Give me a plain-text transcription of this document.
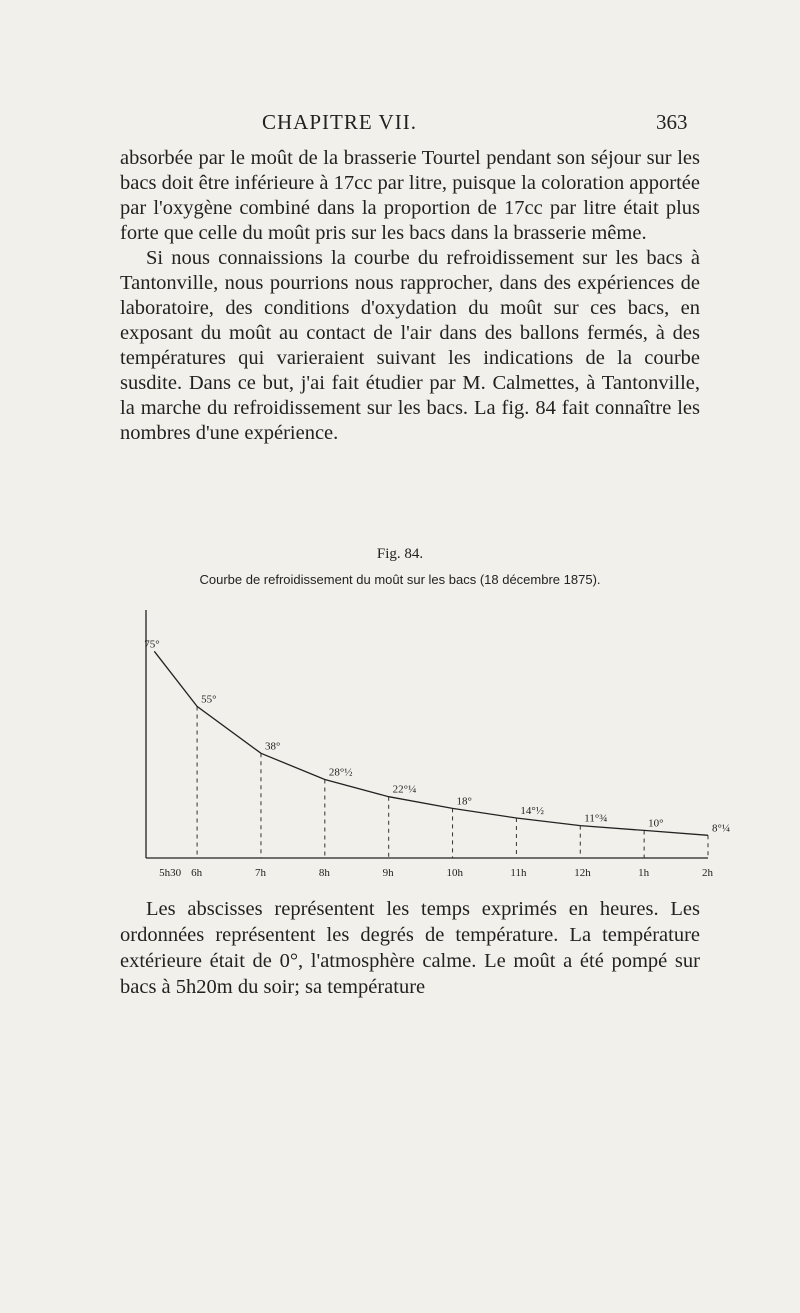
CHAPITRE VII.	363

absorbée par le moût de la brasserie Tourtel pendant son séjour sur les bacs doit être inférieure à 17cc par litre, puisque la coloration apportée par l'oxygène combiné dans la proportion de 17cc par litre était plus forte que celle du moût pris sur les bacs dans la brasserie même.

Si nous connaissions la courbe du refroidissement sur les bacs à Tantonville, nous pourrions nous rapprocher, dans des expériences de laboratoire, des conditions d'oxydation du moût sur ces bacs, en exposant du moût au contact de l'air dans des ballons fermés, à des températures qui varieraient suivant les indications de la courbe susdite. Dans ce but, j'ai fait étudier par M. Calmettes, à Tantonville, la marche du refroidissement sur les bacs. La fig. 84 fait connaître les nombres d'une expérience.

Fig. 84.
Courbe de refroidissement du moût sur les bacs (18 décembre 1875).
75°
55°
38°
28°½
22°¼
18°
14°½
11°¾	10°	8°¼
5h30 6h	7h	8h	9h	10h	11h	12h	1h	2h

Les abscisses représentent les temps exprimés en heures. Les ordonnées représentent les degrés de température. La température extérieure était de 0°, l'atmosphère calme. Le moût a été pompé sur bacs à 5h20m du soir; sa température
